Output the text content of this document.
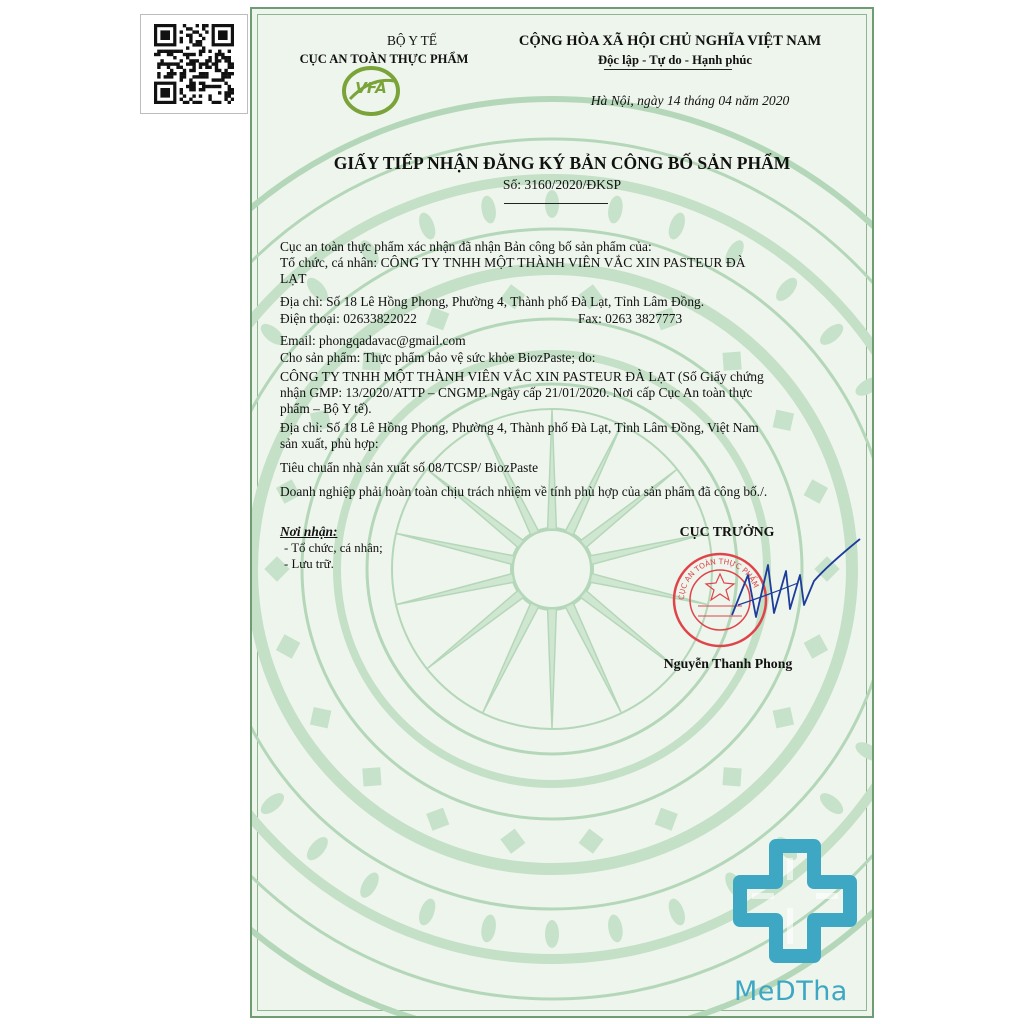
BỘ Y TẾ
CỤC AN TOÀN THỰC PHẨM
VFA
CỘNG HÒA XÃ HỘI CHỦ NGHĨA VIỆT NAM
Độc lập - Tự do - Hạnh phúc
Hà Nội, ngày 14 tháng 04 năm 2020
GIẤY TIẾP NHẬN ĐĂNG KÝ BẢN CÔNG BỐ SẢN PHẨM
Số: 3160/2020/ĐKSP
Cục an toàn thực phẩm xác nhận đã nhận Bản công bố sản phẩm của:
Tổ chức, cá nhân: CÔNG TY TNHH MỘT THÀNH VIÊN VẮC XIN PASTEUR ĐÀ
LẠT
Địa chỉ: Số 18 Lê Hồng Phong, Phường 4, Thành phố Đà Lạt, Tỉnh Lâm Đồng.
Điện thoại: 02633822022	Fax: 0263 3827773
Email: phongqadavac@gmail.com
Cho sản phẩm: Thực phẩm bảo vệ sức khỏe BiozPaste; do:
CÔNG TY TNHH MỘT THÀNH VIÊN VẮC XIN PASTEUR ĐÀ LẠT (Số Giấy chứng
nhận GMP: 13/2020/ATTP – CNGMP. Ngày cấp 21/01/2020. Nơi cấp Cục An toàn thực
phẩm – Bộ Y tế).
Địa chỉ: Số 18 Lê Hồng Phong, Phường 4, Thành phố Đà Lạt, Tỉnh Lâm Đồng, Việt Nam
sản xuất, phù hợp:
Tiêu chuẩn nhà sản xuất số 08/TCSP/ BiozPaste
Doanh nghiệp phải hoàn toàn chịu trách nhiệm về tính phù hợp của sản phẩm đã công bố./.
Nơi nhận:
- Tổ chức, cá nhân;
- Lưu trữ.
CỤC TRƯỞNG
Nguyễn Thanh Phong
CỤC AN TOÀN THỰC PHẨM
MeDTha
